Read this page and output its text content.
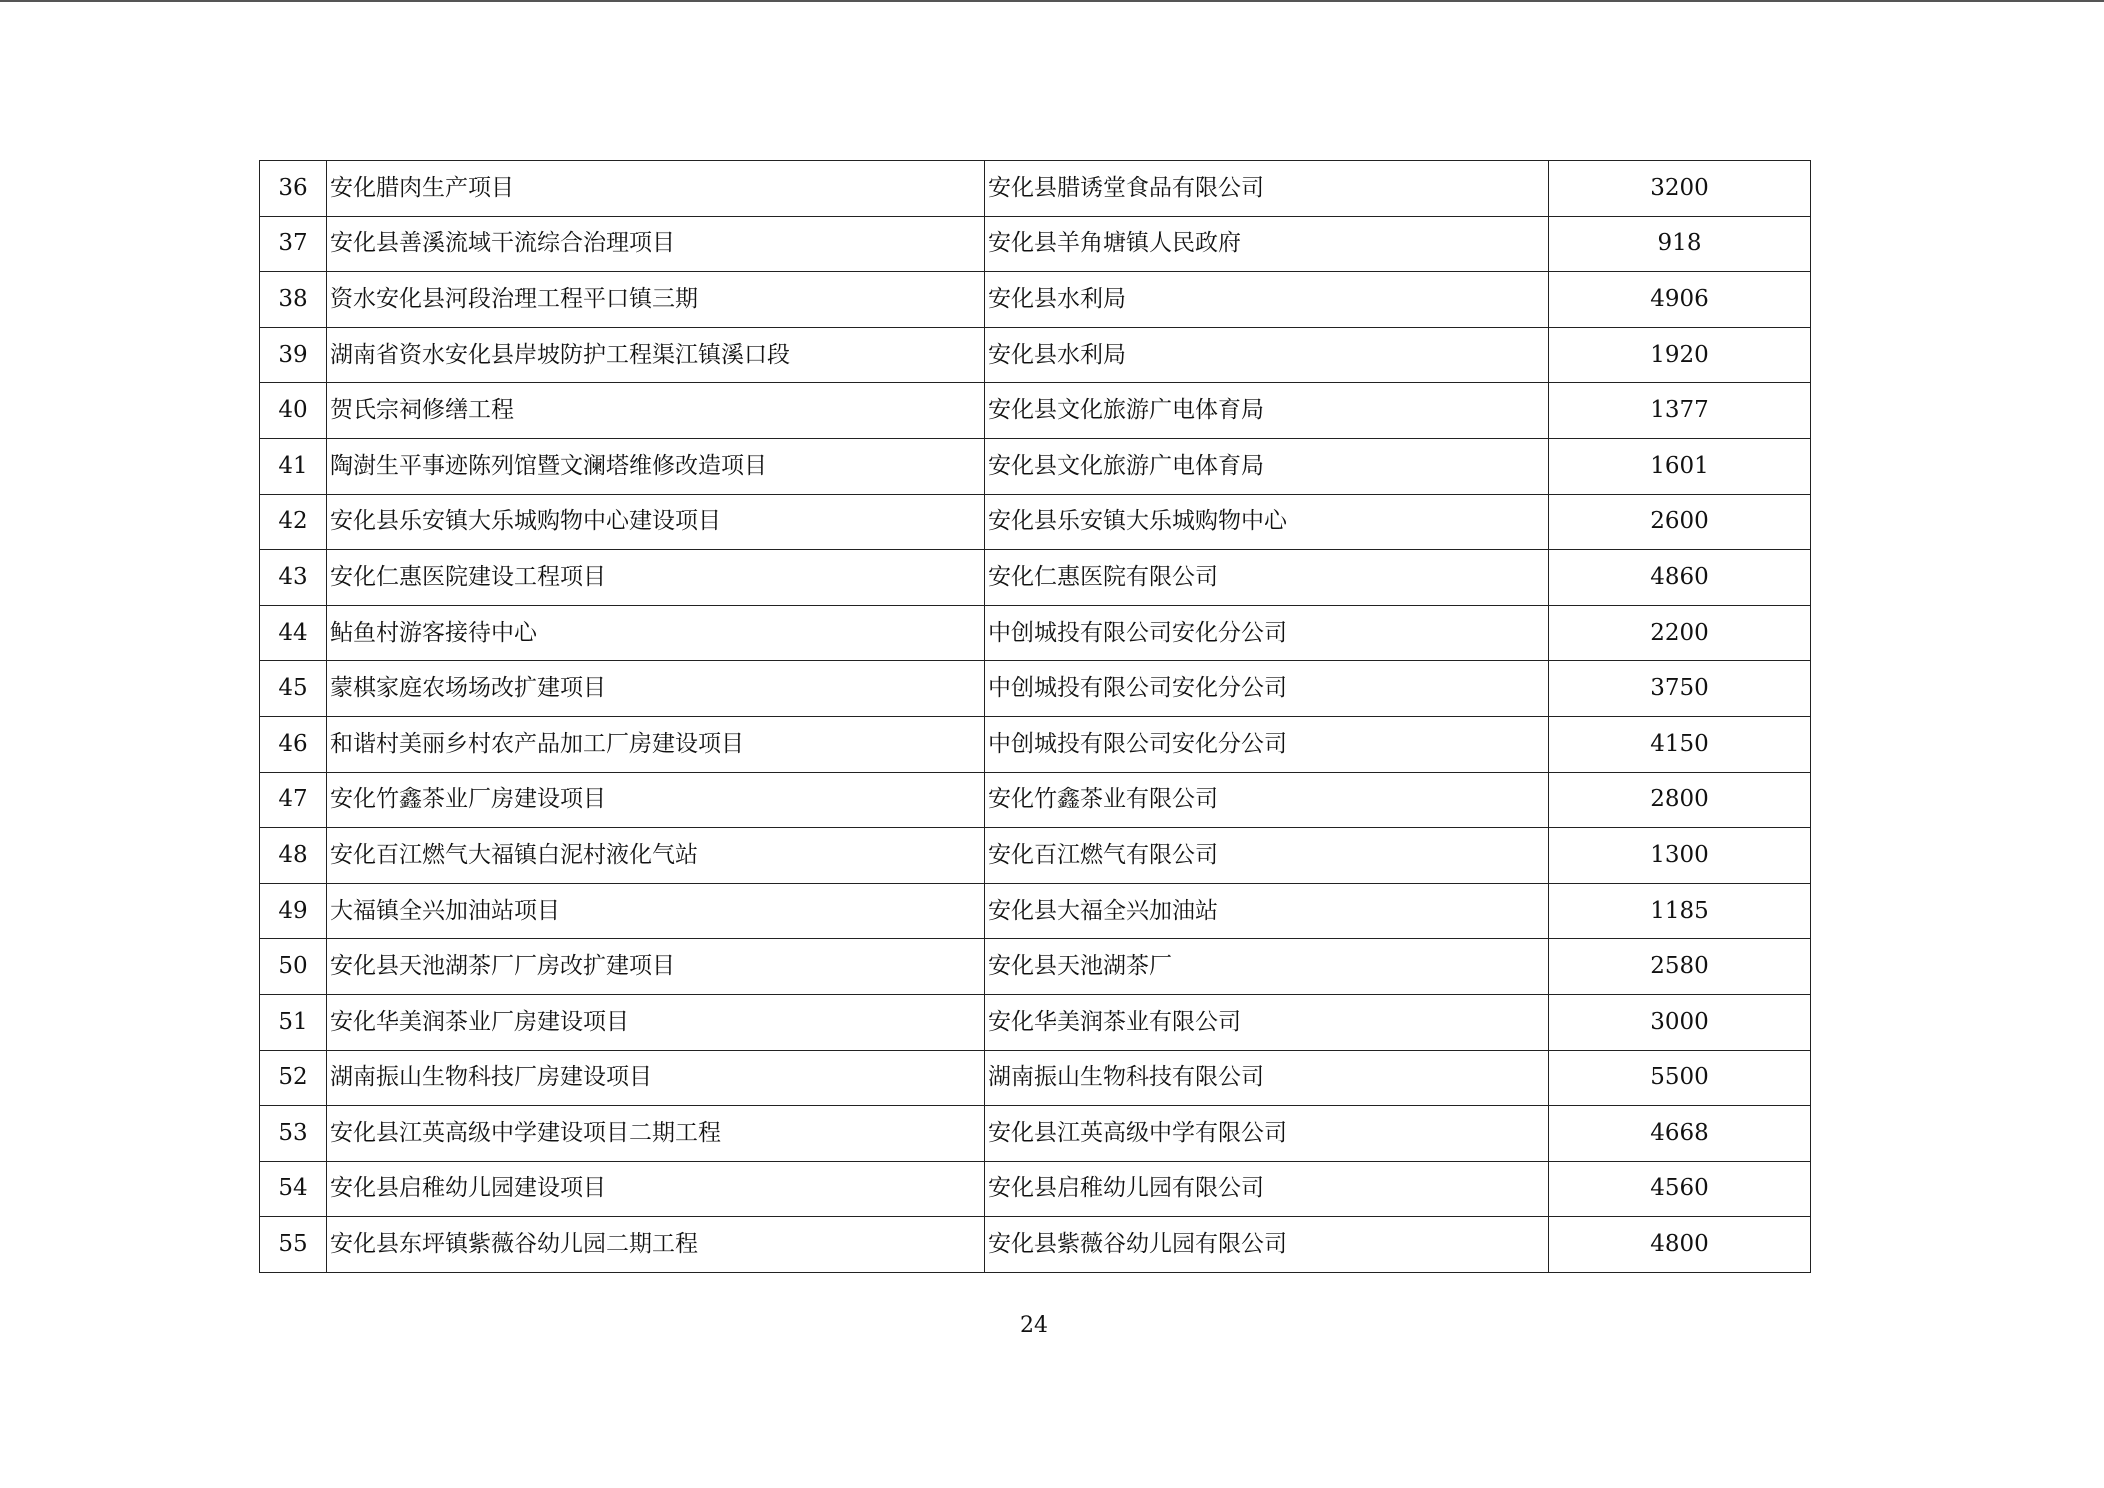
36	安化腊肉生产项目	安化县腊诱堂食品有限公司	3200
37	安化县善溪流域干流综合治理项目	安化县羊角塘镇人民政府	918
38	资水安化县河段治理工程平口镇三期	安化县水利局	4906
39	湖南省资水安化县岸坡防护工程渠江镇溪口段	安化县水利局	1920
40	贺氏宗祠修缮工程	安化县文化旅游广电体育局	1377
41	陶澍生平事迹陈列馆暨文澜塔维修改造项目	安化县文化旅游广电体育局	1601
42	安化县乐安镇大乐城购物中心建设项目	安化县乐安镇大乐城购物中心	2600
43	安化仁惠医院建设工程项目	安化仁惠医院有限公司	4860
44	鲇鱼村游客接待中心	中创城投有限公司安化分公司	2200
45	蒙棋家庭农场场改扩建项目	中创城投有限公司安化分公司	3750
46	和谐村美丽乡村农产品加工厂房建设项目	中创城投有限公司安化分公司	4150
47	安化竹鑫茶业厂房建设项目	安化竹鑫茶业有限公司	2800
48	安化百江燃气大福镇白泥村液化气站	安化百江燃气有限公司	1300
49	大福镇全兴加油站项目	安化县大福全兴加油站	1185
50	安化县天池湖茶厂厂房改扩建项目	安化县天池湖茶厂	2580
51	安化华美润茶业厂房建设项目	安化华美润茶业有限公司	3000
52	湖南振山生物科技厂房建设项目	湖南振山生物科技有限公司	5500
53	安化县江英高级中学建设项目二期工程	安化县江英高级中学有限公司	4668
54	安化县启稚幼儿园建设项目	安化县启稚幼儿园有限公司	4560
55	安化县东坪镇紫薇谷幼儿园二期工程	安化县紫薇谷幼儿园有限公司	4800
24
